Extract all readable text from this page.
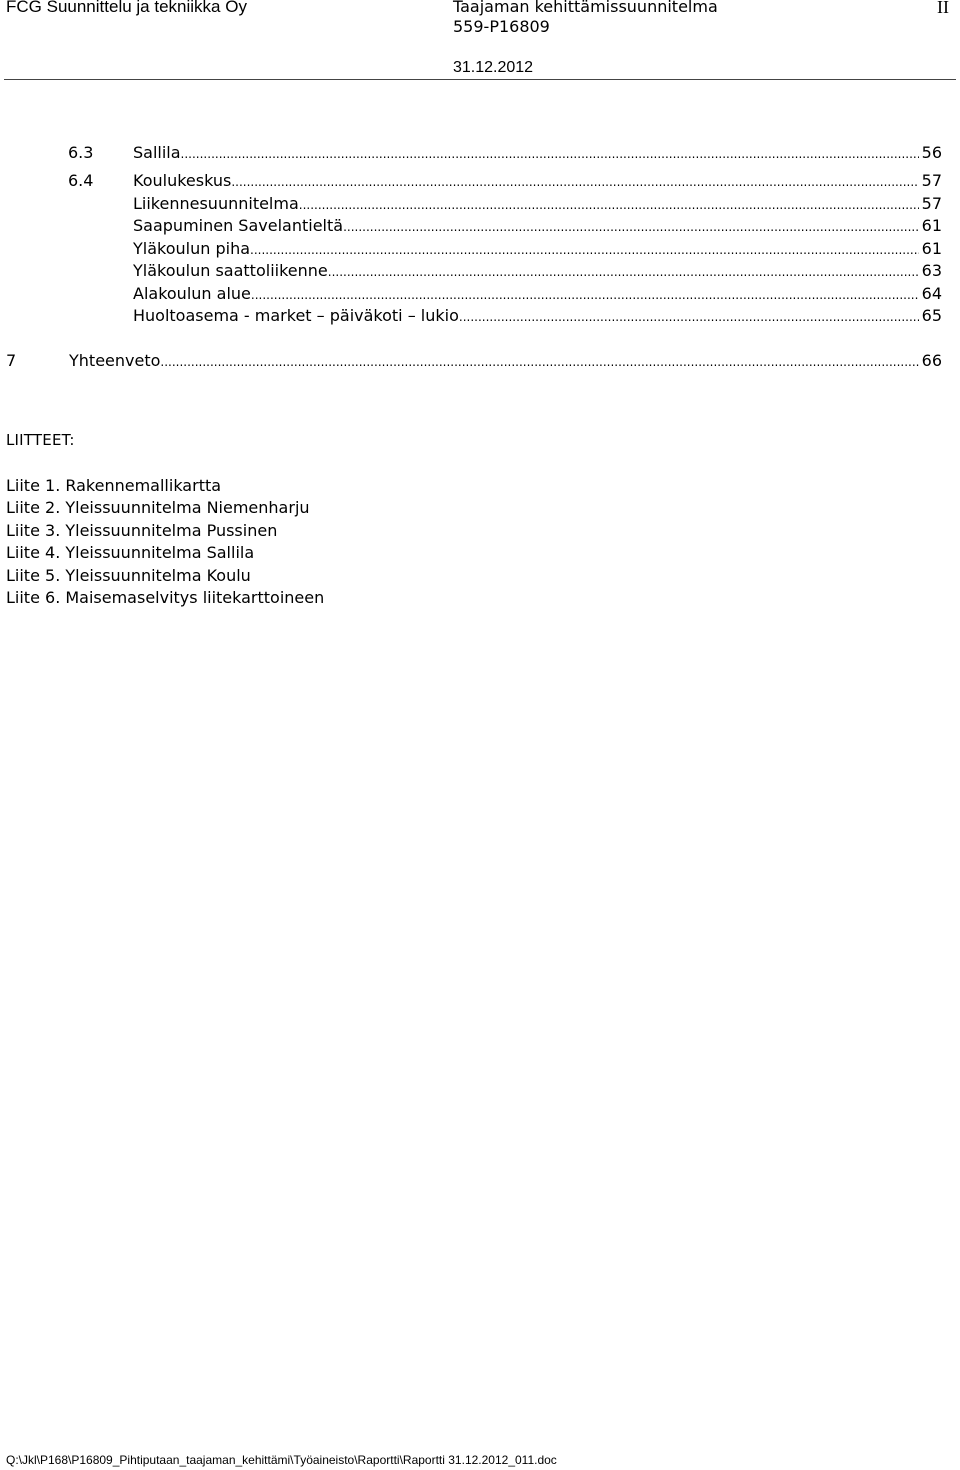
FCG Suunnittelu ja tekniikka Oy	Taajaman kehittämissuunnitelma
559-P16809
II
31.12.2012
6.3 Sallila .....	56
6.4 Koulukeskus .....	57
Liikennesuunnitelma .....	57
Saapuminen Savelantieltä .....	61
Yläkoulun piha .....	61
Yläkoulun saattoliikenne .....	63
Alakoulun alue .....	64
Huoltoasema - market – päiväkoti – lukio .....	65
7	Yhteenveto .....	66
LIITTEET:
Liite 1. Rakennemallikartta
Liite 2. Yleissuunnitelma Niemenharju
Liite 3. Yleissuunnitelma Pussinen
Liite 4. Yleissuunnitelma Sallila
Liite 5. Yleissuunnitelma Koulu
Liite 6. Maisemaselvitys liitekarttoineen
Q:\Jkl\P168\P16809_Pihtiputaan_taajaman_kehittämi\Työaineisto\Raportti\Raportti 31.12.2012_011.doc
